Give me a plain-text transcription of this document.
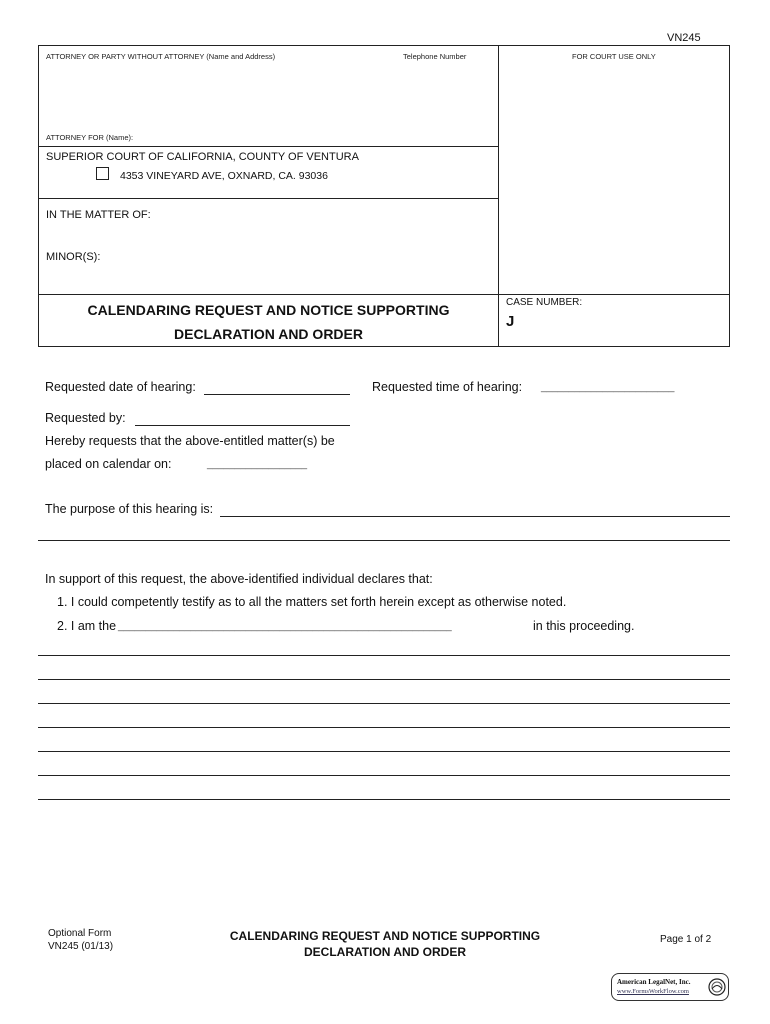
VN245
ATTORNEY OR PARTY WITHOUT ATTORNEY (Name and Address)	Telephone Number	FOR COURT USE ONLY
ATTORNEY FOR (Name):
SUPERIOR COURT OF CALIFORNIA, COUNTY OF VENTURA
4353 VINEYARD AVE, OXNARD, CA. 93036
IN THE MATTER OF:
MINOR(S):
CALENDARING REQUEST AND NOTICE SUPPORTING
DECLARATION AND ORDER
CASE NUMBER:
J
Requested date of hearing:	Requested time of hearing: ________________________
Requested by:
Hereby requests that the above-entitled matter(s) be
placed on calendar on:	__________________
The purpose of this hearing is:
In support of this request, the above-identified individual declares that:
1. I could competently testify as to all the matters set forth herein except as otherwise noted.
2. I am the ____________________________________________________________	in this proceeding.
Optional Form
VN245 (01/13)
CALENDARING REQUEST AND NOTICE SUPPORTING
DECLARATION AND ORDER
Page 1 of 2
American LegalNet, Inc.
www.FormsWorkFlow.com
